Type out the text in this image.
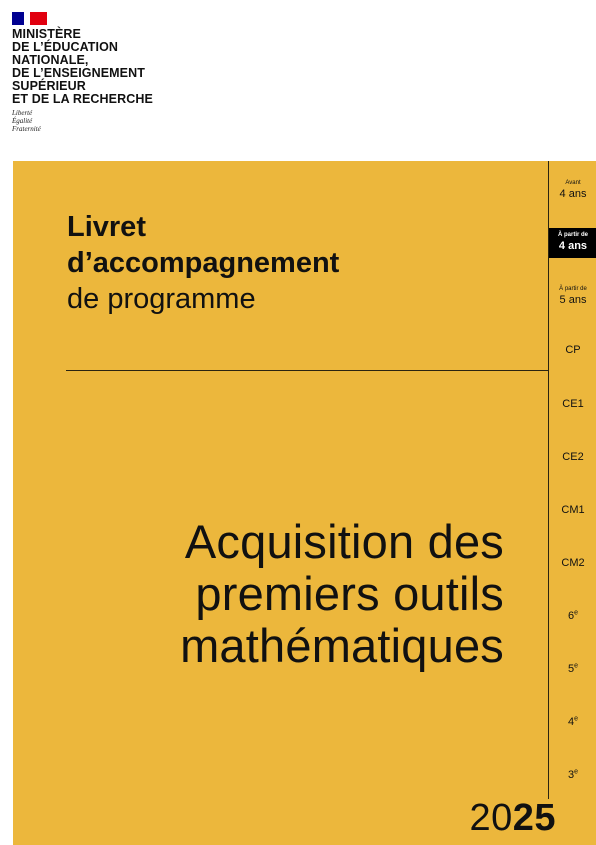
MINISTÈRE
DE L’ÉDUCATION
NATIONALE,
DE L’ENSEIGNEMENT
SUPÉRIEUR
ET DE LA RECHERCHE
Liberté
Égalité
Fraternité
Livret
d’accompagnement
de programme
Acquisition des
premiers outils
mathématiques
Avant
4 ans
À partir de
4 ans
À partir de
5 ans
CP
CE1
CE2
CM1
CM2
6e
5e
4e
3e
2025
